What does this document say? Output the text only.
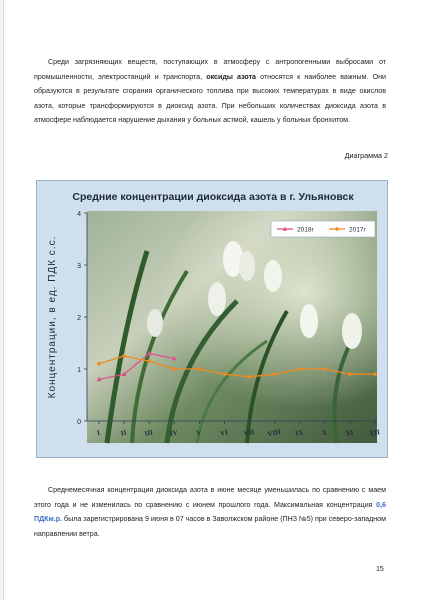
Среди загрязняющих веществ, поступающих в атмосферу с антропогенными выбросами от промышленности, электростанций и транспорта, оксиды азота относятся к наиболее важным. Они образуются в результате сгорания органического топлива при высоких температурах в виде окислов азота, которые трансформируются в диоксид азота. При небольших количествах диоксида азота в атмосфере наблюдается нарушение дыхания у больных астмой, кашель у больных бронхитом.

Диаграмма 2
Средние концентрации диоксида азота в г. Ульяновск
Концентрации, в ед. ПДК с.с.
0
1
2
3
4
I	II III IV V VI VII VIII IX X XI XII
2018г	2017г

Среднемесячная концентрация диоксида азота в июне месяце уменьшилась по сравнению с маем этого года и не изменилась по сравнению с июнем прошлого года. Максимальная концентрация 0,6 ПДКм.р. была зарегистрирована 9 июня в 07 часов в Заволжском районе (ПНЗ №5) при северо-западном направлении ветра.

15
